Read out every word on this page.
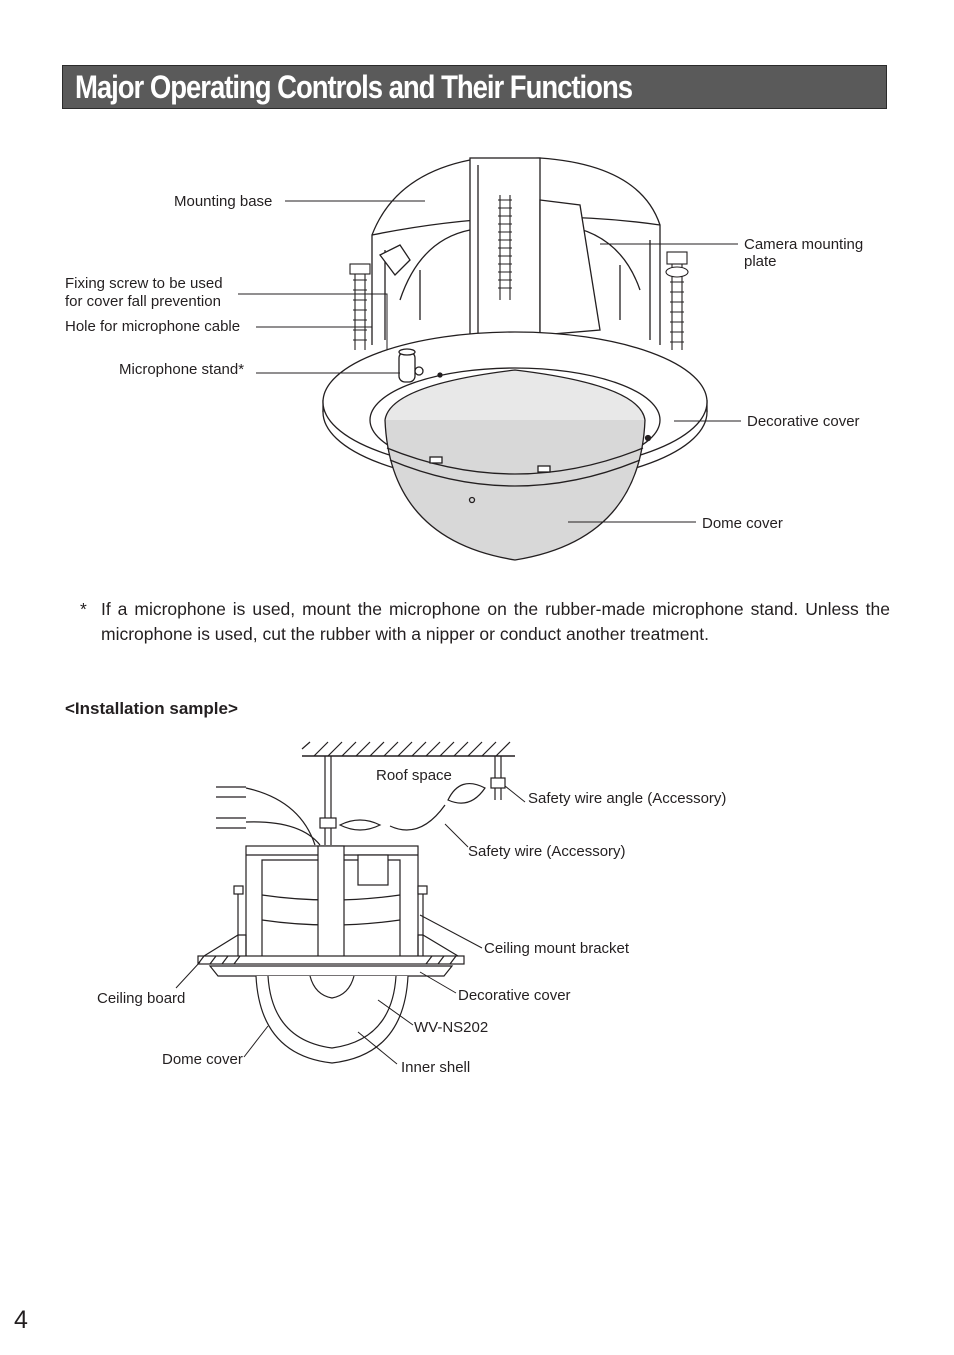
Major Operating Controls and Their Functions
Mounting base
Fixing screw to be used
for cover fall prevention
Hole for microphone cable
Microphone stand*
Camera mounting
plate
Decorative cover
Dome cover
* If a microphone is used, mount the microphone on the rubber-made microphone stand. Unless the microphone is used, cut the rubber with a nipper or conduct another treatment.
<Installation sample>
Roof space
Safety wire angle (Accessory)
Safety wire (Accessory)
Ceiling mount bracket
Ceiling board	Decorative cover
WV-NS202
Dome cover	Inner shell
4
